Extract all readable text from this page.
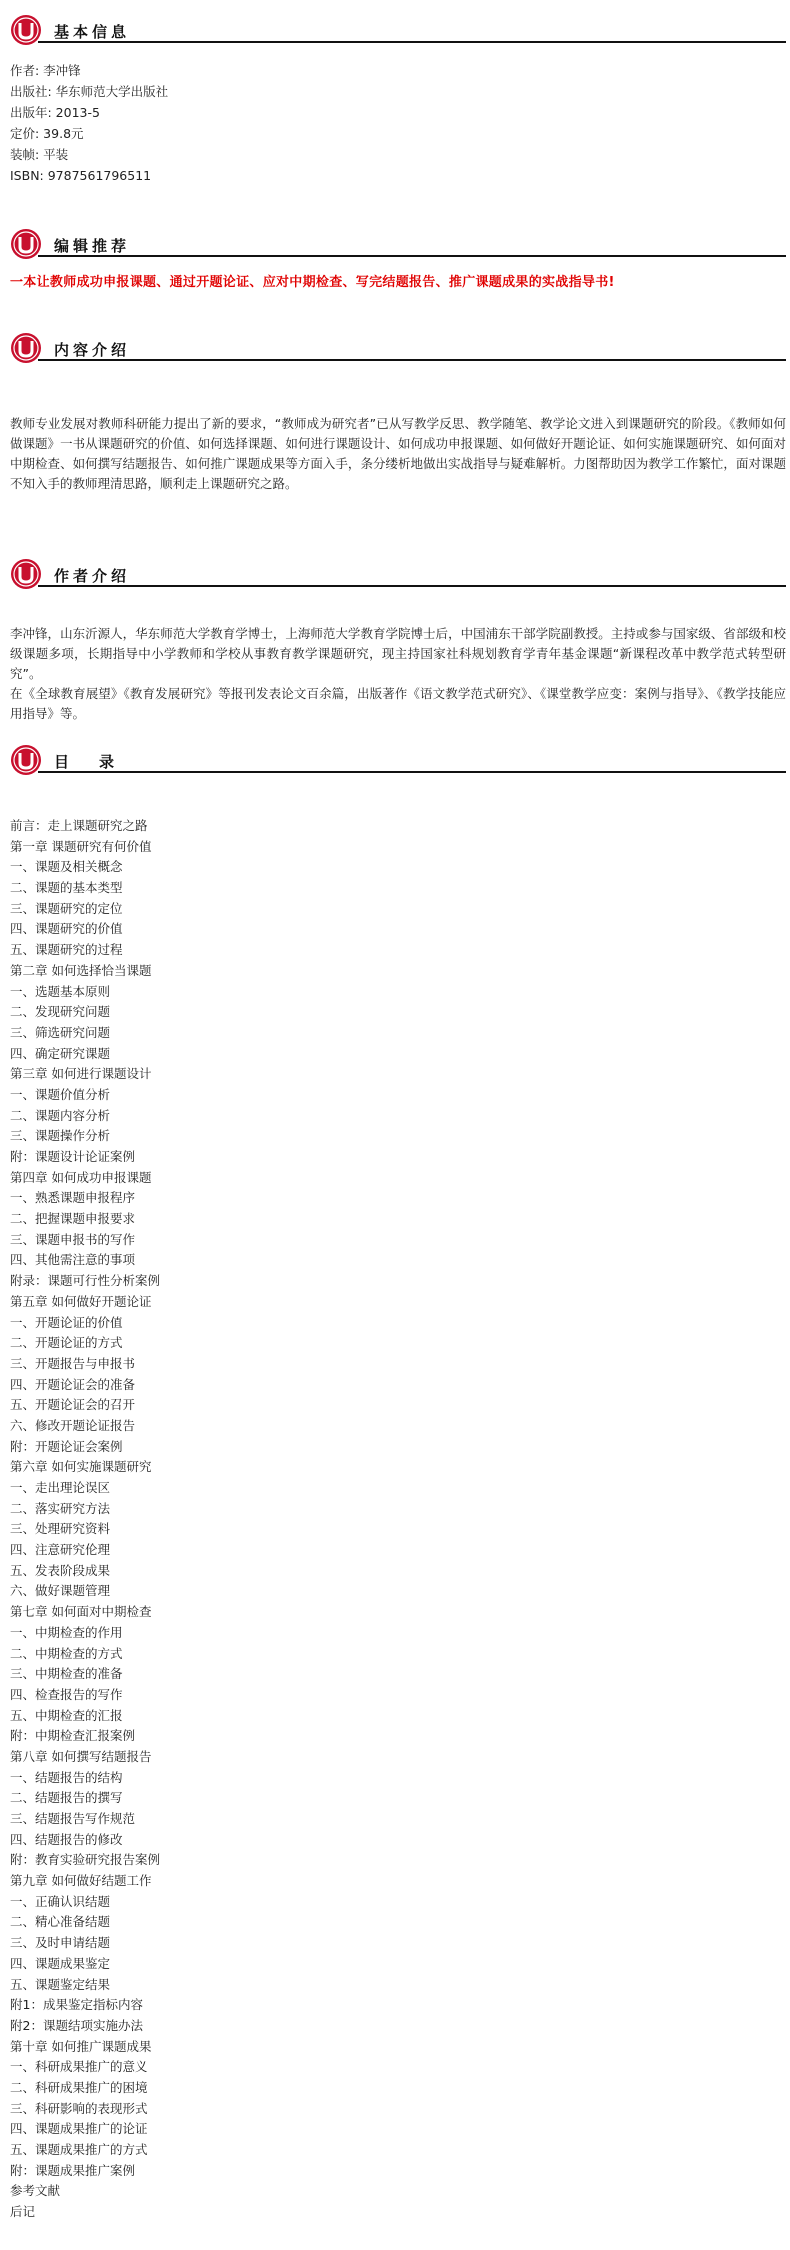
基本信息
作者: 李冲锋
出版社: 华东师范大学出版社
出版年: 2013-5
定价: 39.8元
装帧: 平装
ISBN: 9787561796511
编辑推荐
一本让教师成功申报课题、通过开题论证、应对中期检查、写完结题报告、推广课题成果的实战指导书!
内容介绍

教师专业发展对教师科研能力提出了新的要求，“教师成为研究者”已从写教学反思、教学随笔、教学论文进入到课题研究的阶段。《教师如何做课题》一书从课题研究的价值、如何选择课题、如何进行课题设计、如何成功申报课题、如何做好开题论证、如何实施课题研究、如何面对中期检查、如何撰写结题报告、如何推广课题成果等方面入手，条分缕析地做出实战指导与疑难解析。力图帮助因为教学工作繁忙，面对课题不知入手的教师理清思路，顺利走上课题研究之路。

作者介绍

李冲锋，山东沂源人，华东师范大学教育学博士，上海师范大学教育学院博士后，中国浦东干部学院副教授。主持或参与国家级、省部级和校级课题多项，长期指导中小学教师和学校从事教育教学课题研究，现主持国家社科规划教育学青年基金课题“新课程改革中教学范式转型研究”。

在《全球教育展望》《教育发展研究》等报刊发表论文百余篇，出版著作《语文教学范式研究》、《课堂教学应变：案例与指导》、《教学技能应用指导》等。

目录
前言：走上课题研究之路
第一章 课题研究有何价值
一、课题及相关概念
二、课题的基本类型
三、课题研究的定位
四、课题研究的价值
五、课题研究的过程
第二章 如何选择恰当课题
一、选题基本原则
二、发现研究问题
三、筛选研究问题
四、确定研究课题
第三章 如何进行课题设计
一、课题价值分析
二、课题内容分析
三、课题操作分析
附：课题设计论证案例
第四章 如何成功申报课题
一、熟悉课题申报程序
二、把握课题申报要求
三、课题申报书的写作
四、其他需注意的事项
附录：课题可行性分析案例
第五章 如何做好开题论证
一、开题论证的价值
二、开题论证的方式
三、开题报告与申报书
四、开题论证会的准备
五、开题论证会的召开
六、修改开题论证报告
附：开题论证会案例
第六章 如何实施课题研究
一、走出理论误区
二、落实研究方法
三、处理研究资料
四、注意研究伦理
五、发表阶段成果
六、做好课题管理
第七章 如何面对中期检查
一、中期检查的作用
二、中期检查的方式
三、中期检查的准备
四、检查报告的写作
五、中期检查的汇报
附：中期检查汇报案例
第八章 如何撰写结题报告
一、结题报告的结构
二、结题报告的撰写
三、结题报告写作规范
四、结题报告的修改
附：教育实验研究报告案例
第九章 如何做好结题工作
一、正确认识结题
二、精心准备结题
三、及时申请结题
四、课题成果鉴定
五、课题鉴定结果
附1：成果鉴定指标内容
附2：课题结项实施办法
第十章 如何推广课题成果
一、科研成果推广的意义
二、科研成果推广的困境
三、科研影响的表现形式
四、课题成果推广的论证
五、课题成果推广的方式
附：课题成果推广案例
参考文献
后记
